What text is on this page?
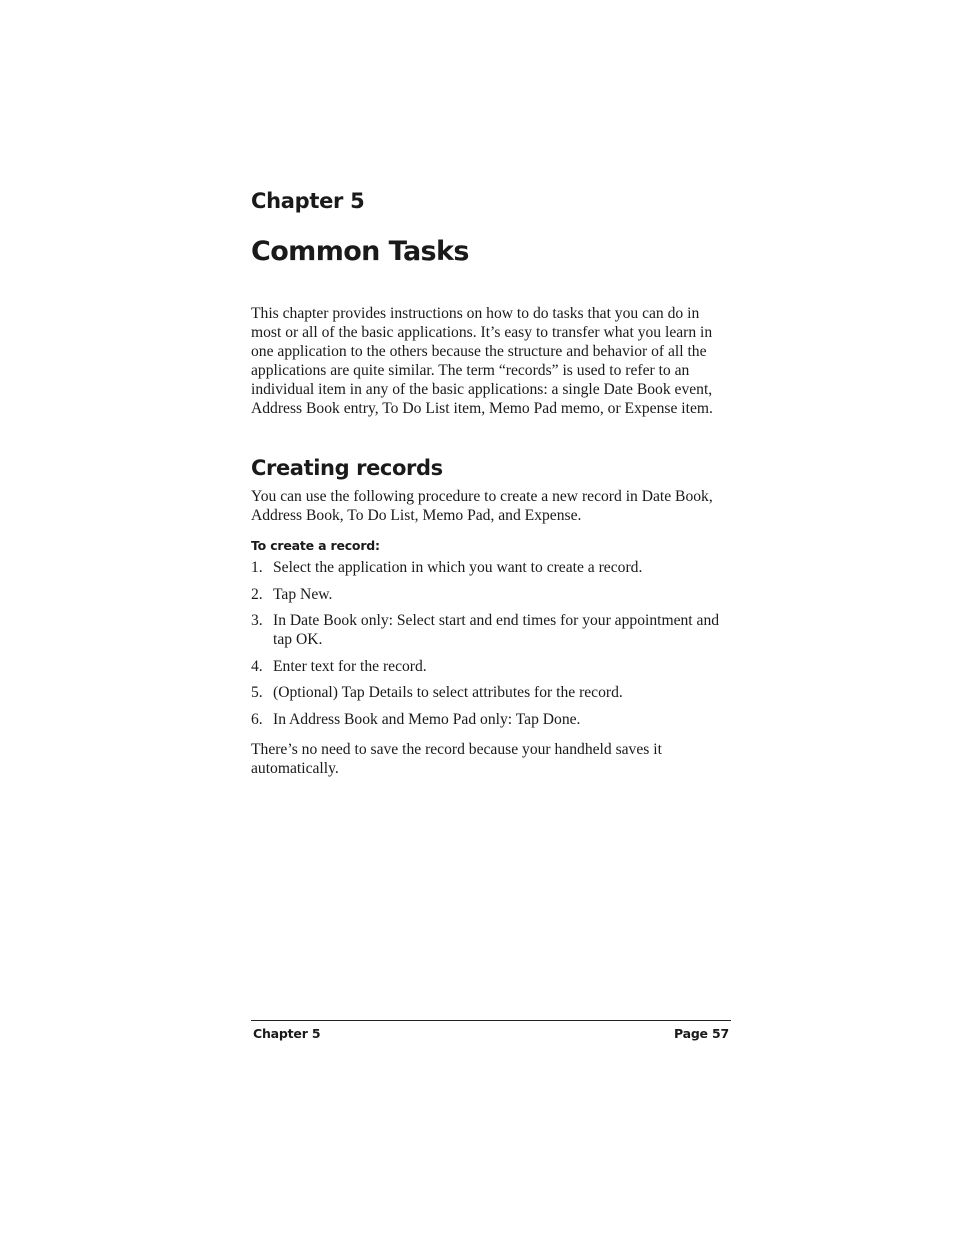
Chapter 5
Common Tasks

This chapter provides instructions on how to do tasks that you can do in most or all of the basic applications. It’s easy to transfer what you learn in one application to the others because the structure and behavior of all the applications are quite similar. The term “records” is used to refer to an individual item in any of the basic applications: a single Date Book event, Address Book entry, To Do List item, Memo Pad memo, or Expense item.

Creating records

You can use the following procedure to create a new record in Date Book, Address Book, To Do List, Memo Pad, and Expense.

To create a record:
1. Select the application in which you want to create a record.
2. Tap New.
3. In Date Book only: Select start and end times for your appointment and tap OK.
4. Enter text for the record.
5. (Optional) Tap Details to select attributes for the record.
6. In Address Book and Memo Pad only: Tap Done.

There’s no need to save the record because your handheld saves it automatically.

Chapter 5	Page 57
